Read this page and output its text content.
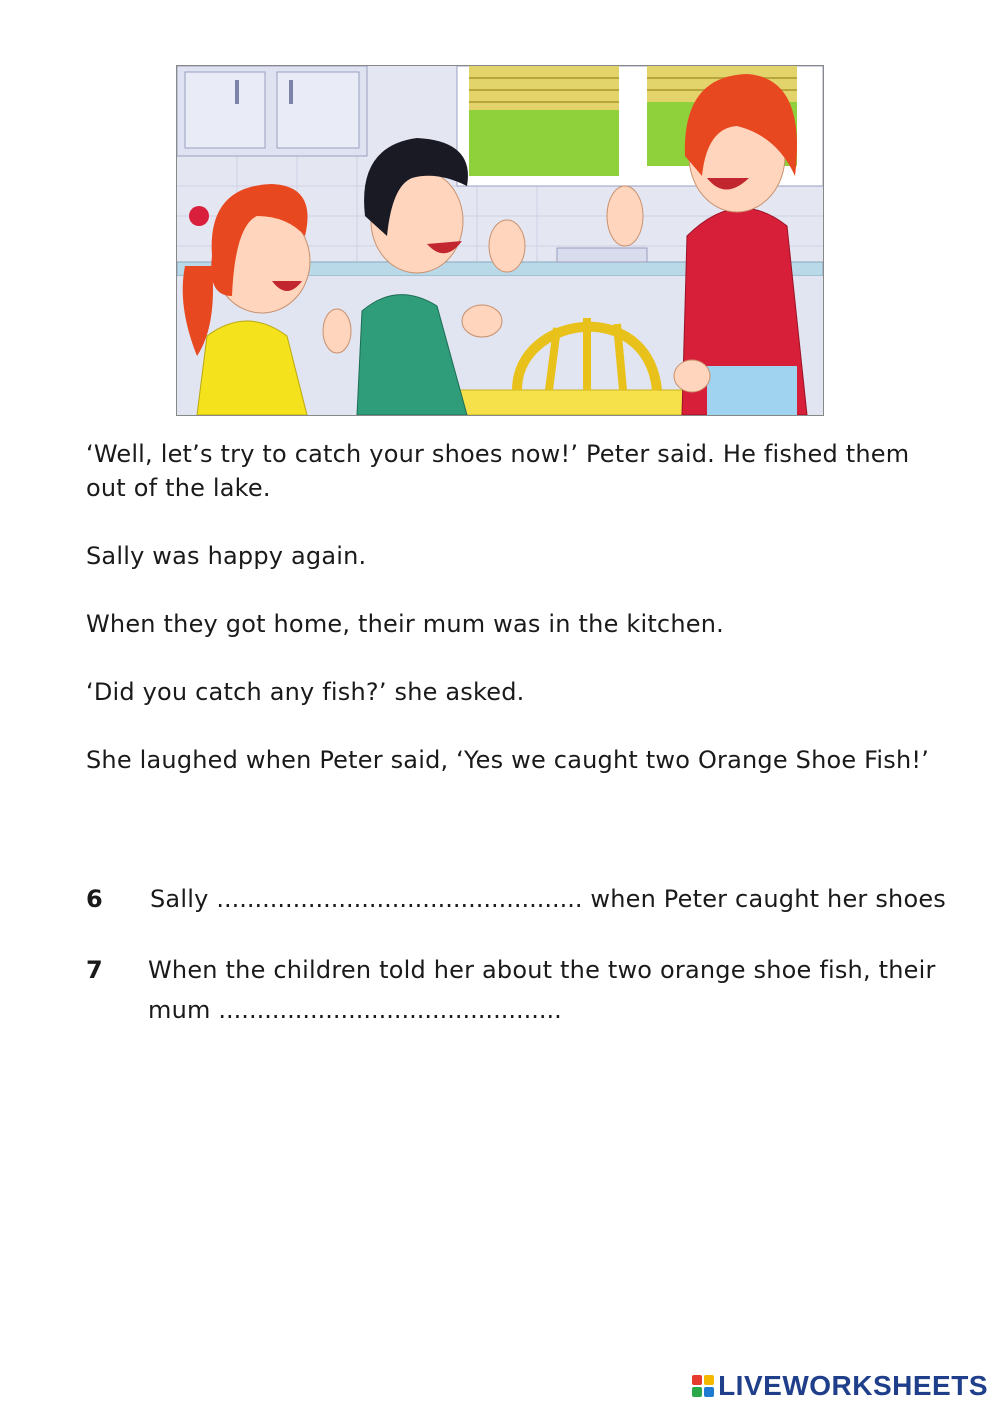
‘Well, let’s try to catch your shoes now!’ Peter said. He fished them out of the lake.

Sally was happy again.

When they got home, their mum was in the kitchen.

‘Did you catch any fish?’ she asked.

She laughed when Peter said, ‘Yes we caught two Orange Shoe Fish!’

6 Sally ................................................ when Peter caught her shoes
7 When the children told her about the two orange shoe fish, their mum .............................................
LIVEWORKSHEETS
